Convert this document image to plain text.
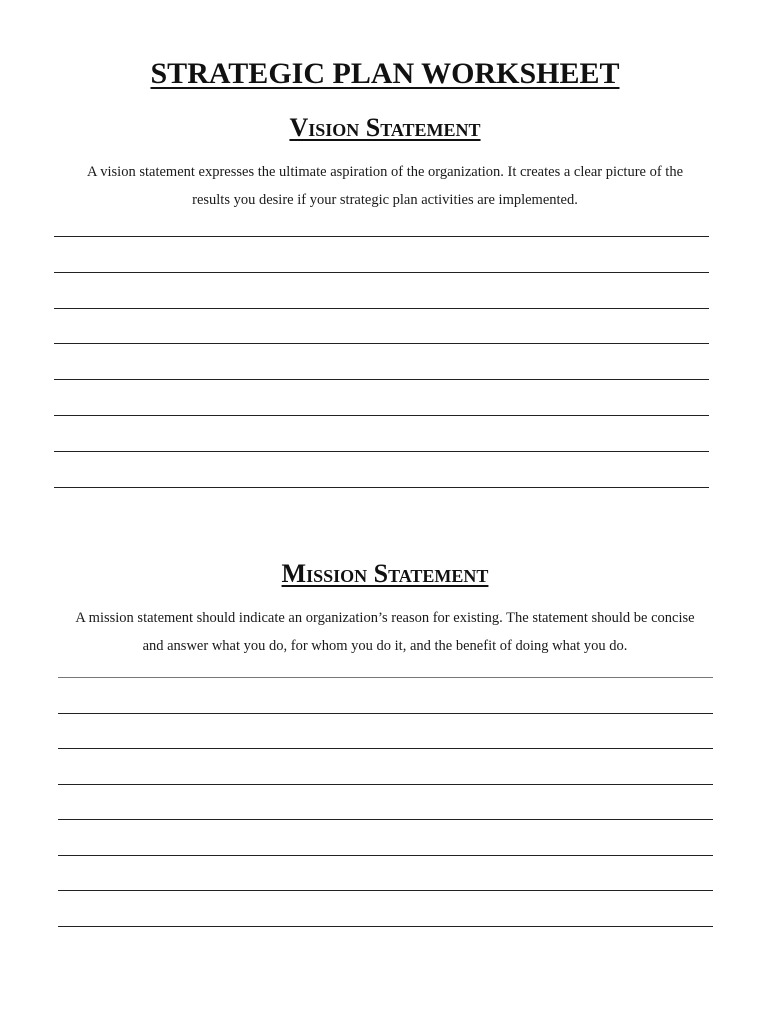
STRATEGIC PLAN WORKSHEET
Vision Statement
A vision statement expresses the ultimate aspiration of the organization. It creates a clear picture of the
results you desire if your strategic plan activities are implemented.
Mission Statement
A mission statement should indicate an organization’s reason for existing. The statement should be concise
and answer what you do, for whom you do it, and the benefit of doing what you do.
